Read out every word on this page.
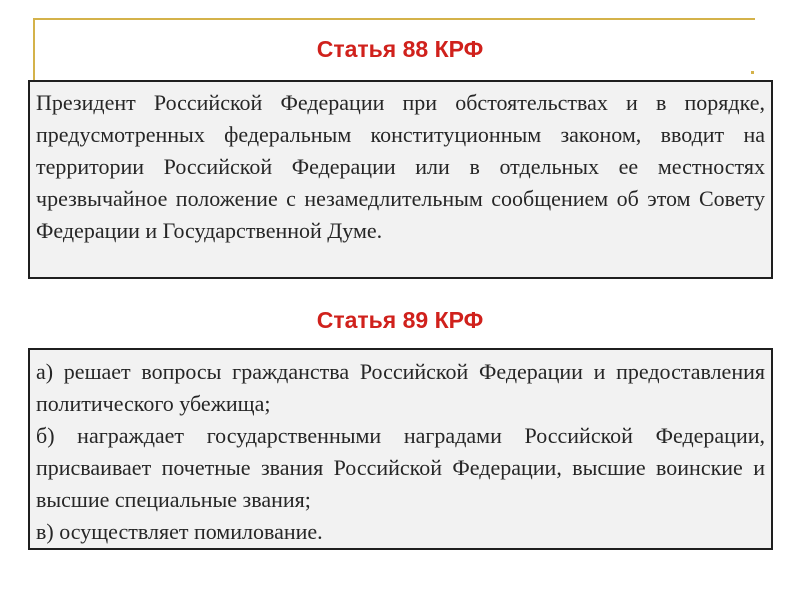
Статья 88 КРФ

Президент Российской Федерации при обстоятельствах и в порядке, предусмотренных федеральным конституционным законом, вводит на территории Российской Федерации или в отдельных ее местностях чрезвычайное положение с незамедлительным сообщением об этом Совету Федерации и Государственной Думе.

Статья 89 КРФ

а) решает вопросы гражданства Российской Федерации и предоставления политического убежища;

б) награждает государственными наградами Российской Федерации, присваивает почетные звания Российской Федерации, высшие воинские и высшие специальные звания;

в) осуществляет помилование.
